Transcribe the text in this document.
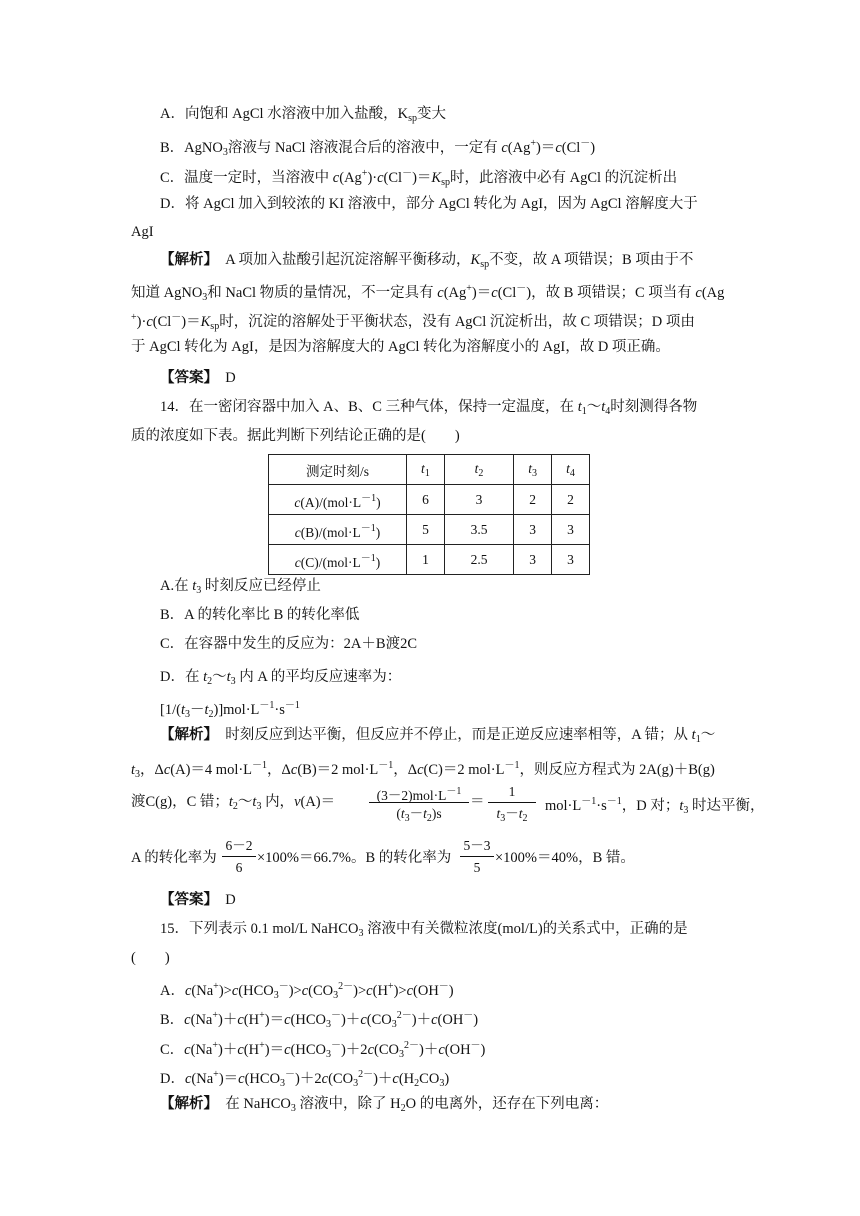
A．向饱和 AgCl 水溶液中加入盐酸，$K_{sp}$变大
B．AgNO$_3$溶液与 NaCl 溶液混合后的溶液中，一定有 c(Ag+)＝c(Cl－)
C．温度一定时，当溶液中 $c(Ag^+)\cdot c(Cl^-)=K_{sp}$时，此溶液中必有 AgCl 的沉淀析出
D．将 AgCl 加入到较浓的 KI 溶液中，部分 AgCl 转化为 AgI，因为 AgCl 溶解度大于
AgI
【解析】　A 项加入盐酸引起沉淀溶解平衡移动，$K_{sp}$不变，故 A 项错误；B 项由于不
知道 AgNO$_3$和 NaCl 物质的量情况，不一定具有 c(Ag+)＝c(Cl－)，故 B 项错误；C 项当有 c(Ag
$^+)\cdot c(Cl^-)=K_{sp}$时，沉淀的溶解处于平衡状态，没有 AgCl 沉淀析出，故 C 项错误；D 项由
于 AgCl 转化为 AgI，是因为溶解度大的 AgCl 转化为溶解度小的 AgI，故 D 项正确。
【答案】　D
14．在一密闭容器中加入 A、B、C 三种气体，保持一定温度，在 $t_1\sim t_4$时刻测得各物
质的浓度如下表。据此判断下列结论正确的是(　　)
测定时刻/s	$t_1$	$t_2$	$t_3$	$t_4$
$c(A)/(mol\cdot L^{-1})$	6	3	2	2
$c(B)/(mol\cdot L^{-1})$	5	3.5	3	3
$c(C)/(mol\cdot L^{-1})$	1	2.5	3	3
A.在 $t_3$ 时刻反应已经停止
B．A 的转化率比 B 的转化率低
C．在容器中发生的反应为：2A＋B渡2C
D．在 $t_2\sim t_3$ 内 A 的平均反应速率为：
$[1/(t_3-t_2)]mol\cdot L^{-1}\cdot s^{-1}$
【解析】　时刻反应到达平衡，但反应并不停止，而是正逆反应速率相等，A 错；从 $t_1\sim$
$t_3$，Δc(A)＝4 $mol\cdot L^{-1}$，Δc(B)＝2 $mol\cdot L^{-1}$，Δc(C)＝2 $mol\cdot L^{-1}$，则反应方程式为 2A(g)＋B(g)
渡C(g)，C 错；$t_2\sim t_3$ 内，v(A)＝	$(3-2)mol\cdot L^{-1}$
$(t_3-t_2)s$
＝
1
$t_3-t_2$
$mol\cdot L^{-1}\cdot s^{-1}$，D 对；$t_3$ 时达平衡，
A 的转化率为
6－2
6
×100%＝66.7%。B 的转化率为
5－3
5
×100%＝40%，B 错。
【答案】　D
15．下列表示 0.1 mol/L NaHCO$_3$ 溶液中有关微粒浓度(mol/L)的关系式中，正确的是
(　　)
A．$c(Na^+)>c(HCO_3^-)>c(CO_3^{2-})>c(H^+)>c(OH^-)$
B．$c(Na^+)+c(H^+)=c(HCO_3^-)+c(CO_3^{2-})+c(OH^-)$
C．$c(Na^+)+c(H^+)=c(HCO_3^-)+2c(CO_3^{2-})+c(OH^-)$
D．$c(Na^+)=c(HCO_3^-)+2c(CO_3^{2-})+c(H_2CO_3)$
【解析】　在 NaHCO$_3$ 溶液中，除了 $H_2O$ 的电离外，还存在下列电离：
